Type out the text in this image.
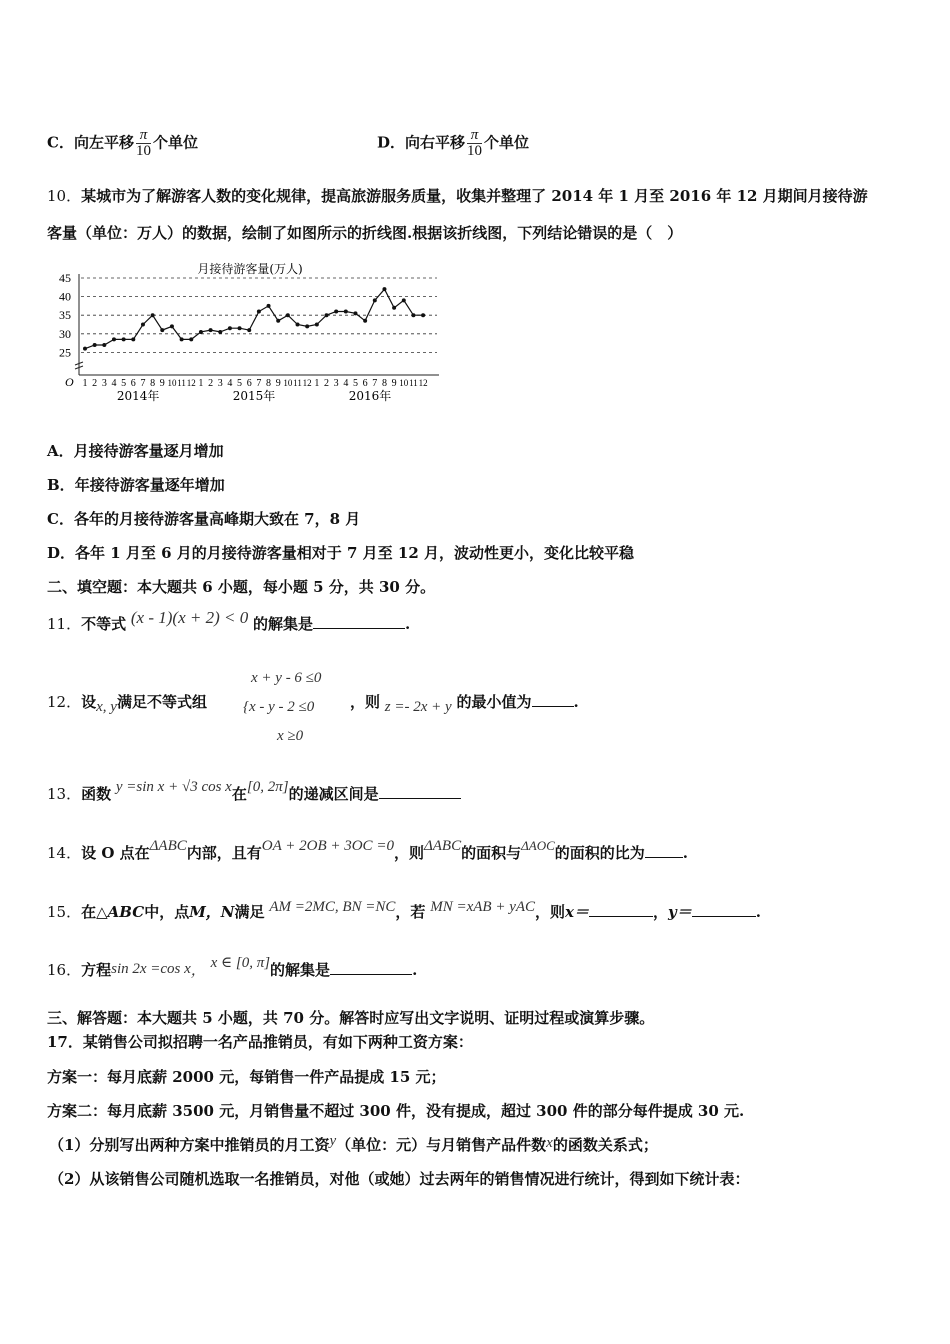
C．向左平移 $\frac{\pi}{10}$ 个单位	D．向右平移 $\frac{\pi}{10}$ 个单位
10．某城市为了解游客人数的变化规律，提高旅游服务质量，收集并整理了 2014 年 1 月至 2016 年 12 月期间月接待游
客量（单位：万人）的数据，绘制了如图所示的折线图.根据该折线图，下列结论错误的是（　）
月接待游客量(万人)
25
30
35
40
45
O 1 2 3 4 5 6 7 8 9 10 11 12 1 2 3 4 5 6 7 8 9 10 11 12 1 2 3 4 5 6 7 8 9 10 11 12
2014年	2015年	2016年
A．月接待游客量逐月增加
B．年接待游客量逐年增加
C．各年的月接待游客量高峰期大致在 7，8 月
D．各年 1 月至 6 月的月接待游客量相对于 7 月至 12 月，波动性更小，变化比较平稳
二、填空题：本大题共 6 小题，每小题 5 分，共 30 分。
11．不等式 (x - 1)(x + 2) < 0 的解集是	.
x + y - 6 ≤0
{x - y - 2 ≤0
x ≥0
12．设x, y满足不等式组	，则 z =- 2x + y 的最小值为	.
13．函数 y =sin x + √3 cos x在[0, 2π]的递减区间是
14．设 O 点在ΔABC内部，且有OA + 2OB + 3OC =0，则ΔABC的面积与ΔAOC的面积的比为	.
15．在△ABC中，点M，N满足 AM =2MC, BN =NC，若 MN =xAB + yAC，则x＝	，y＝	.
16．方程sin 2x =cos x， x ∈ [0, π]的解集是	.
三、解答题：本大题共 5 小题，共 70 分。解答时应写出文字说明、证明过程或演算步骤。
17．某销售公司拟招聘一名产品推销员，有如下两种工资方案：
方案一：每月底薪 2000 元，每销售一件产品提成 15 元；
方案二：每月底薪 3500 元，月销售量不超过 300 件，没有提成，超过 300 件的部分每件提成 30 元.
（1）分别写出两种方案中推销员的月工资y（单位：元）与月销售产品件数x的函数关系式；
（2）从该销售公司随机选取一名推销员，对他（或她）过去两年的销售情况进行统计，得到如下统计表：
